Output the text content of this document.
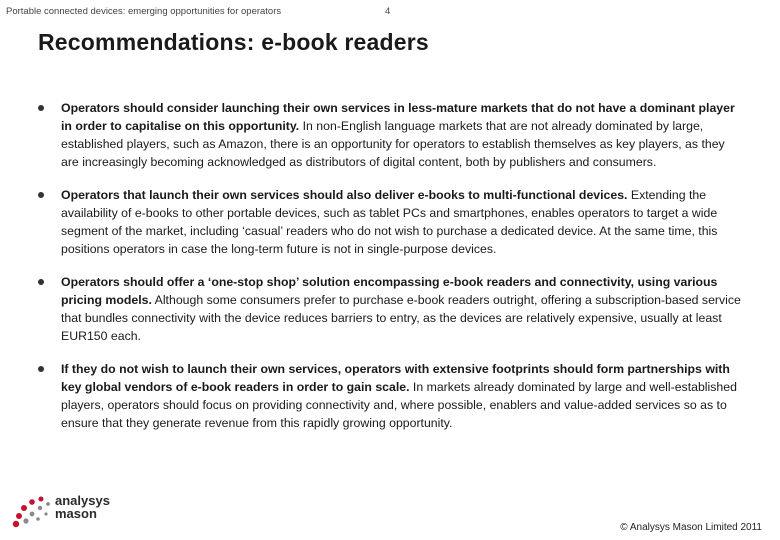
Portable connected devices: emerging opportunities for operators	4
Recommendations: e-book readers
Operators should consider launching their own services in less-mature markets that do not have a dominant player in order to capitalise on this opportunity. In non-English language markets that are not already dominated by large, established players, such as Amazon, there is an opportunity for operators to establish themselves as key players, as they are increasingly becoming acknowledged as distributors of digital content, both by publishers and consumers.
Operators that launch their own services should also deliver e-books to multi-functional devices. Extending the availability of e-books to other portable devices, such as tablet PCs and smartphones, enables operators to target a wide segment of the market, including ‘casual’ readers who do not wish to purchase a dedicated device. At the same time, this positions operators in case the long-term future is not in single-purpose devices.
Operators should offer a ‘one-stop shop’ solution encompassing e-book readers and connectivity, using various pricing models. Although some consumers prefer to purchase e-book readers outright, offering a subscription-based service that bundles connectivity with the device reduces barriers to entry, as the devices are relatively expensive, usually at least EUR150 each.
If they do not wish to launch their own services, operators with extensive footprints should form partnerships with key global vendors of e-book readers in order to gain scale. In markets already dominated by large and well-established players, operators should focus on providing connectivity and, where possible, enablers and value-added services so as to ensure that they generate revenue from this rapidly growing opportunity.
analysys
mason
© Analysys Mason Limited 2011
